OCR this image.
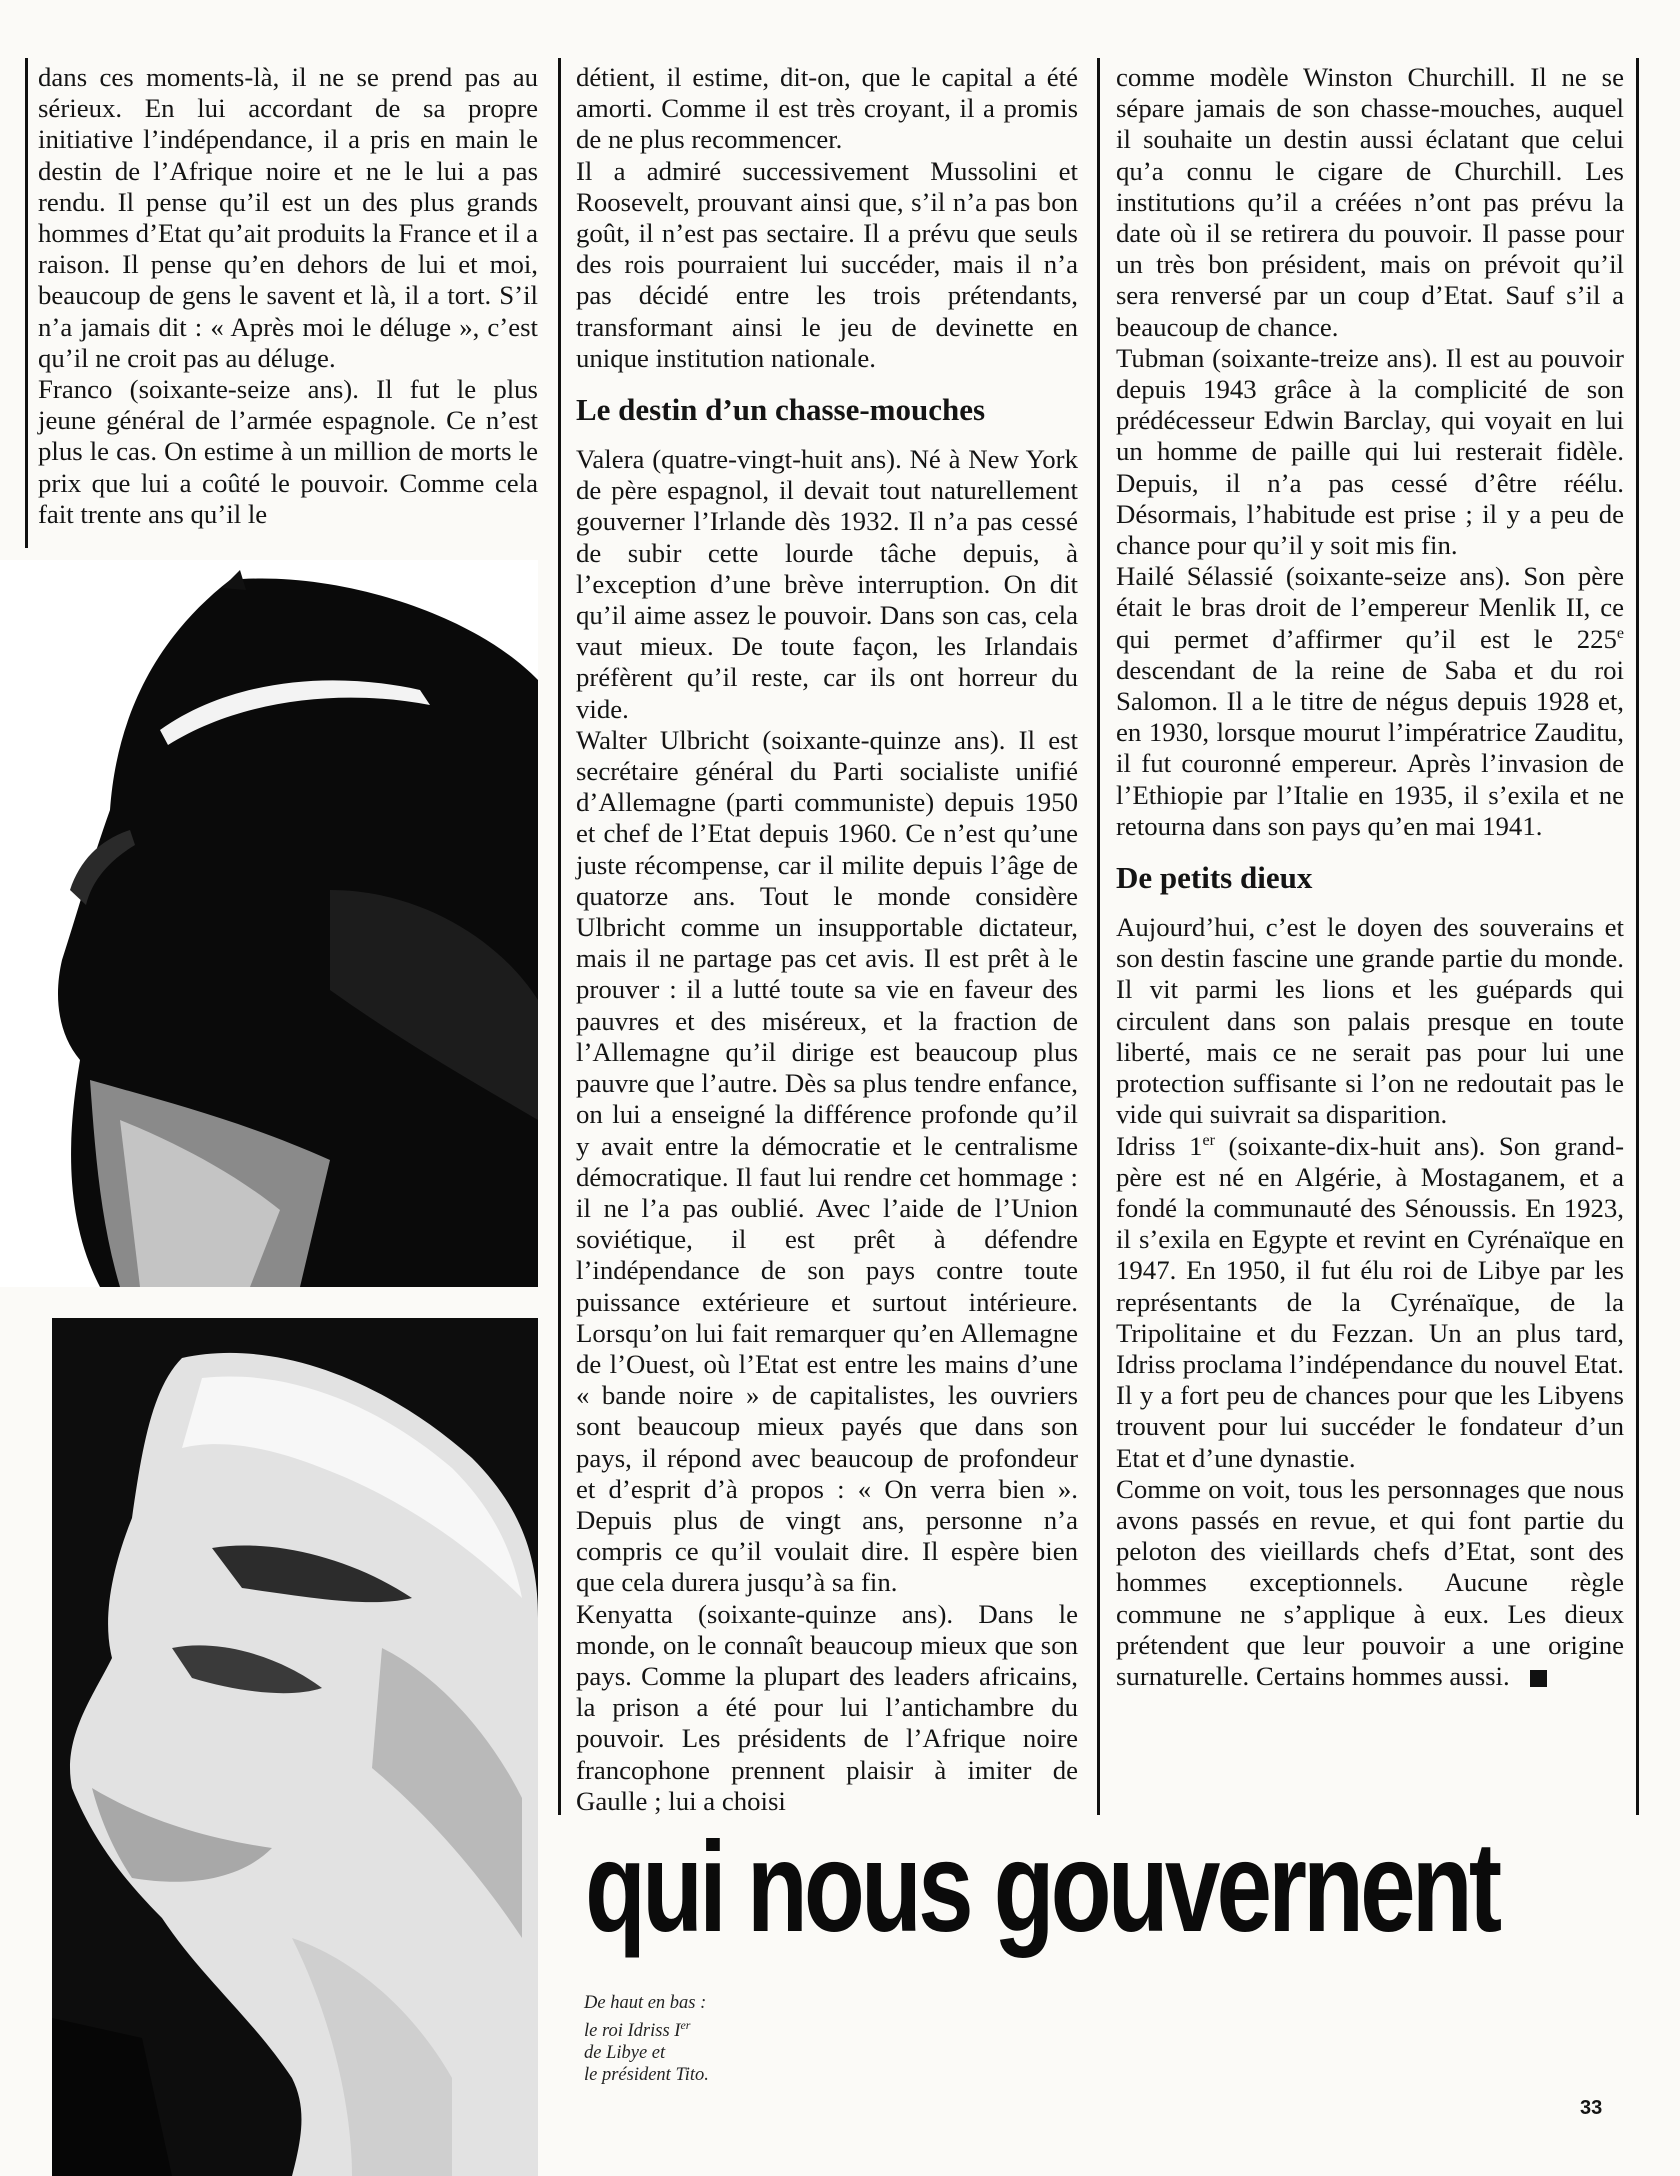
dans ces moments-là, il ne se prend pas au sérieux. En lui accordant de sa propre initiative l’indépendance, il a pris en main le destin de l’Afrique noire et ne le lui a pas rendu. Il pense qu’il est un des plus grands hommes d’Etat qu’ait produits la France et il a raison. Il pense qu’en dehors de lui et moi, beaucoup de gens le savent et là, il a tort. S’il n’a jamais dit : « Après moi le déluge », c’est qu’il ne croit pas au déluge.

Franco (soixante-seize ans). Il fut le plus jeune général de l’armée espagnole. Ce n’est plus le cas. On estime à un million de morts le prix que lui a coûté le pouvoir. Comme cela fait trente ans qu’il le

détient, il estime, dit-on, que le capital a été amorti. Comme il est très croyant, il a promis de ne plus recommencer.

Il a admiré successivement Mussolini et Roosevelt, prouvant ainsi que, s’il n’a pas bon goût, il n’est pas sectaire. Il a prévu que seuls des rois pourraient lui succéder, mais il n’a pas décidé entre les trois prétendants, transformant ainsi le jeu de devinette en unique institution nationale.

Le destin d’un chasse-mouches

Valera (quatre-vingt-huit ans). Né à New York de père espagnol, il devait tout naturellement gouverner l’Irlande dès 1932. Il n’a pas cessé de subir cette lourde tâche depuis, à l’exception d’une brève interruption. On dit qu’il aime assez le pouvoir. Dans son cas, cela vaut mieux. De toute façon, les Irlandais préfèrent qu’il reste, car ils ont horreur du vide.

Walter Ulbricht (soixante-quinze ans). Il est secrétaire général du Parti socialiste unifié d’Allemagne (parti communiste) depuis 1950 et chef de l’Etat depuis 1960. Ce n’est qu’une juste récompense, car il milite depuis l’âge de quatorze ans. Tout le monde considère Ulbricht comme un insupportable dictateur, mais il ne partage pas cet avis. Il est prêt à le prouver : il a lutté toute sa vie en faveur des pauvres et des miséreux, et la fraction de l’Allemagne qu’il dirige est beaucoup plus pauvre que l’autre. Dès sa plus tendre enfance, on lui a enseigné la différence profonde qu’il y avait entre la démocratie et le centralisme démocratique. Il faut lui rendre cet hommage : il ne l’a pas oublié. Avec l’aide de l’Union soviétique, il est prêt à défendre l’indépendance de son pays contre toute puissance extérieure et surtout intérieure. Lorsqu’on lui fait remarquer qu’en Allemagne de l’Ouest, où l’Etat est entre les mains d’une « bande noire » de capitalistes, les ouvriers sont beaucoup mieux payés que dans son pays, il répond avec beaucoup de profondeur et d’esprit d’à propos : « On verra bien ». Depuis plus de vingt ans, personne n’a compris ce qu’il voulait dire. Il espère bien que cela durera jusqu’à sa fin.

Kenyatta (soixante-quinze ans). Dans le monde, on le connaît beaucoup mieux que son pays. Comme la plupart des leaders africains, la prison a été pour lui l’antichambre du pouvoir. Les présidents de l’Afrique noire francophone prennent plaisir à imiter de Gaulle ; lui a choisi

comme modèle Winston Churchill. Il ne se sépare jamais de son chasse-mouches, auquel il souhaite un destin aussi éclatant que celui qu’a connu le cigare de Churchill. Les institutions qu’il a créées n’ont pas prévu la date où il se retirera du pouvoir. Il passe pour un très bon président, mais on prévoit qu’il sera renversé par un coup d’Etat. Sauf s’il a beaucoup de chance.

Tubman (soixante-treize ans). Il est au pouvoir depuis 1943 grâce à la complicité de son prédécesseur Edwin Barclay, qui voyait en lui un homme de paille qui lui resterait fidèle. Depuis, il n’a pas cessé d’être réélu. Désormais, l’habitude est prise ; il y a peu de chance pour qu’il y soit mis fin.

Hailé Sélassié (soixante-seize ans). Son père était le bras droit de l’empereur Menlik II, ce qui permet d’affirmer qu’il est le 225e descendant de la reine de Saba et du roi Salomon. Il a le titre de négus depuis 1928 et, en 1930, lorsque mourut l’impératrice Zauditu, il fut couronné empereur. Après l’invasion de l’Ethiopie par l’Italie en 1935, il s’exila et ne retourna dans son pays qu’en mai 1941.

De petits dieux

Aujourd’hui, c’est le doyen des souverains et son destin fascine une grande partie du monde. Il vit parmi les lions et les guépards qui circulent dans son palais presque en toute liberté, mais ce ne serait pas pour lui une protection suffisante si l’on ne redoutait pas le vide qui suivrait sa disparition.

Idriss 1er (soixante-dix-huit ans). Son grand-père est né en Algérie, à Mostaganem, et a fondé la communauté des Sénoussis. En 1923, il s’exila en Egypte et revint en Cyrénaïque en 1947. En 1950, il fut élu roi de Libye par les représentants de la Cyrénaïque, de la Tripolitaine et du Fezzan. Un an plus tard, Idriss proclama l’indépendance du nouvel Etat. Il y a fort peu de chances pour que les Libyens trouvent pour lui succéder le fondateur d’un Etat et d’une dynastie.

Comme on voit, tous les personnages que nous avons passés en revue, et qui font partie du peloton des vieillards chefs d’Etat, sont des hommes exceptionnels. Aucune règle commune ne s’applique à eux. Les dieux prétendent que leur pouvoir a une origine surnaturelle. Certains hommes aussi.

qui nous gouvernent
De haut en bas :
le roi Idriss Ier
de Libye et
le président Tito.
33
